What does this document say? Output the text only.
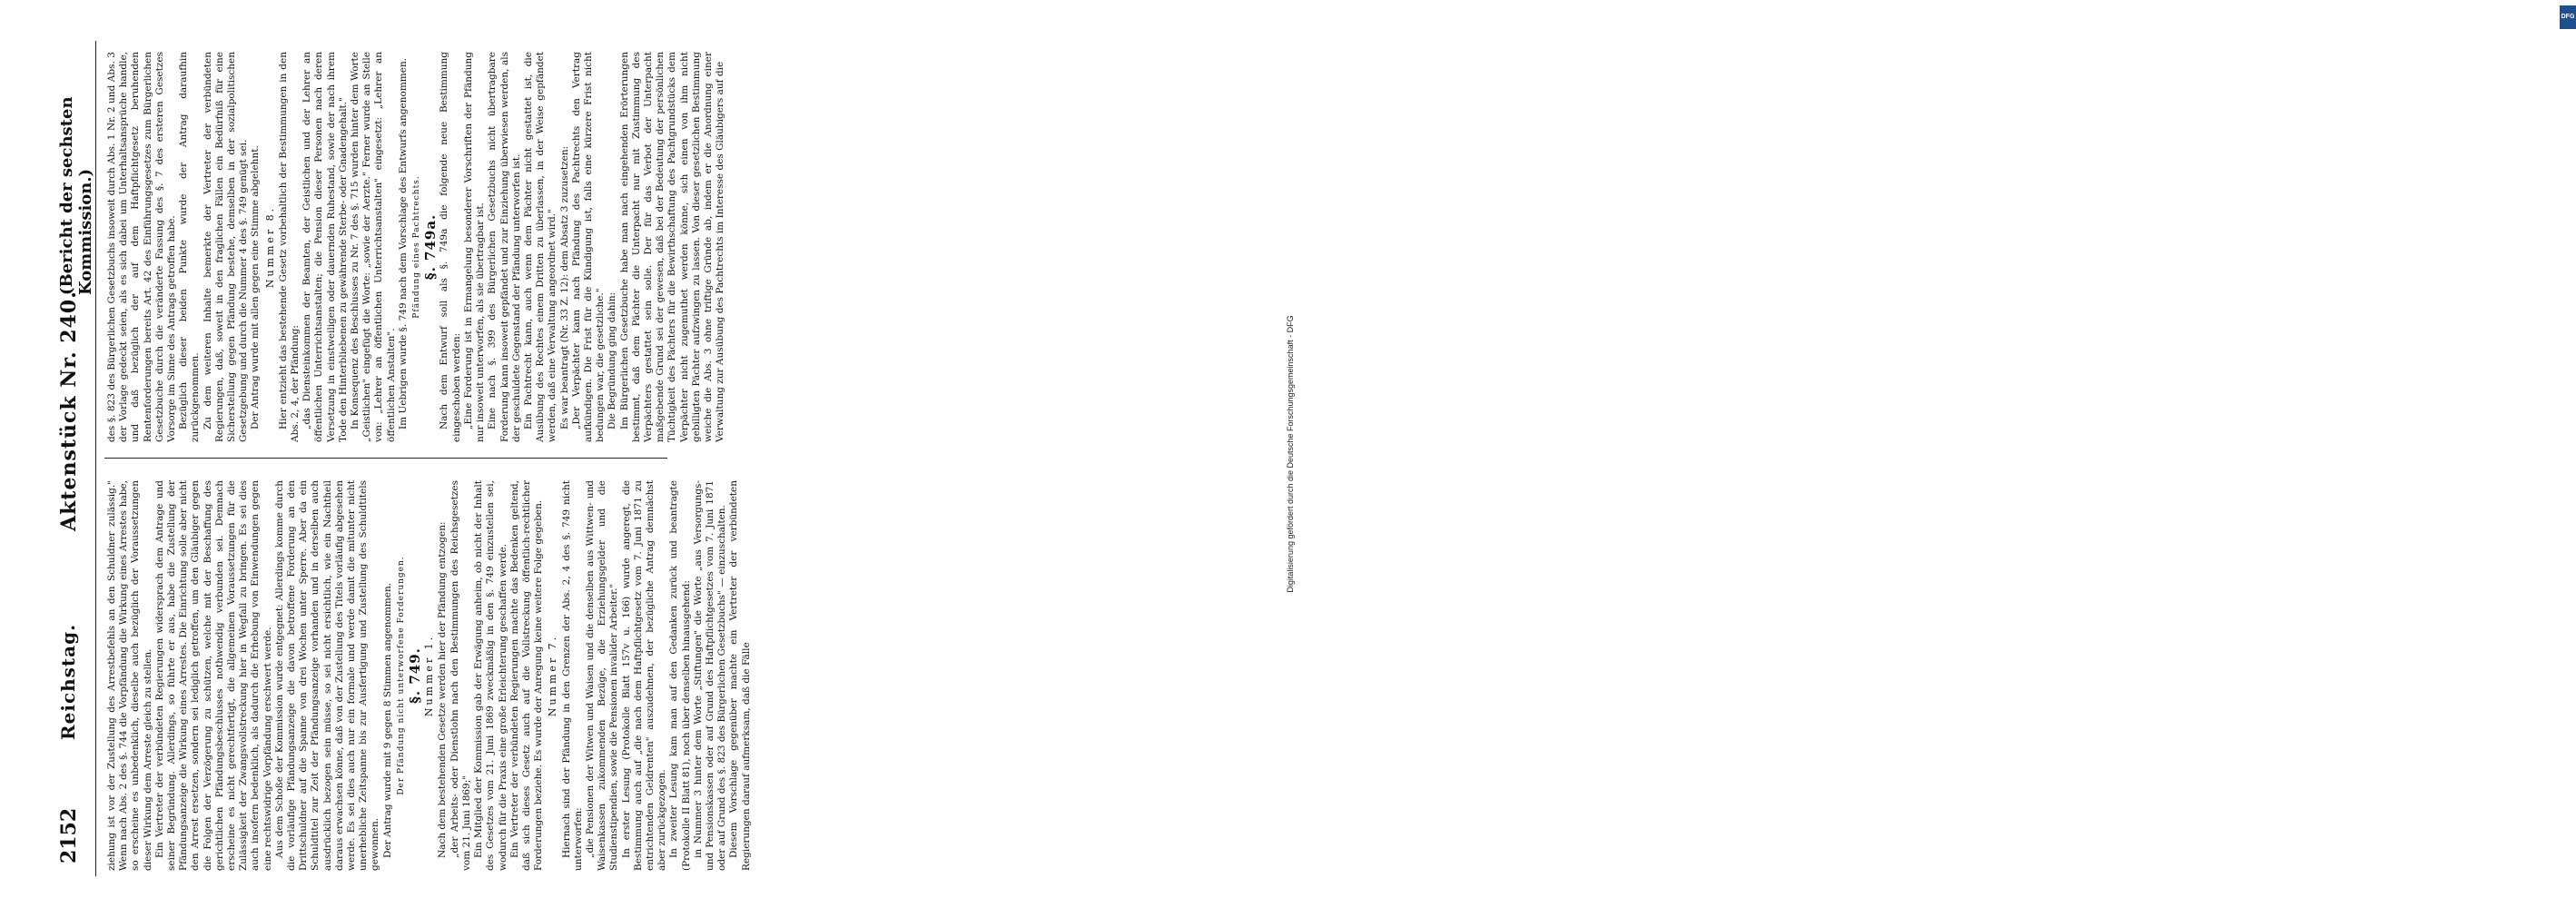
2152
Reichstag.
Aktenstück Nr. 240.
(Bericht der sechsten Kommission.)

ziehung ist vor der Zustellung des Arrestbefehls an den Schuldner zulässig." Wenn nach Abs. 2 des §. 744 die Vorpfändung die Wirkung eines Arrestes habe, so erscheine es unbedenklich, dieselbe auch bezüglich der Voraussetzungen dieser Wirkung dem Arreste gleich zu stellen. Ein Vertreter der verbündeten Regierungen widersprach dem Antrage und seiner Begründung. Allerdings, so führte er aus, habe die Zustellung der Pfändungsanzeige die Wirkung eines Arrestes. Die Einrichtung solle aber nicht den Arrest ersetzen, sondern sei lediglich getroffen, um den Gläubiger gegen die Folgen der Verzögerung zu schützen, welche mit der Beschaffung des gerichtlichen Pfändungsbeschlusses nothwendig verbunden sei. Demnach erscheine es nicht gerechtfertigt, die allgemeinen Voraussetzungen für die Zulässigkeit der Zwangsvollstreckung hier in Wegfall zu bringen. Es sei dies auch insofern bedenklich, als dadurch die Erhebung von Einwendungen gegen eine rechtswidrige Vorpfändung erschwert werde. Aus dem Schoße der Kommission wurde entgegnet: Allerdings komme durch die vorläufige Pfändungsanzeige die davon betroffene Forderung an den Drittschuldner auf die Spanne von drei Wochen unter Sperre. Aber da ein Schuldtitel zur Zeit der Pfändungsanzeige vorhanden und in derselben auch ausdrücklich bezogen sein müsse, so sei nicht ersichtlich, wie ein Nachtheil daraus erwachsen könne, daß von der Zustellung des Titels vorläufig abgesehen werde. Es sei dies auch nur ein formale und werde damit die mitunter nicht unerhebliche Zeitspanne bis zur Ausfertigung und Zustellung des Schuldtitels gewonnen. Der Antrag wurde mit 9 gegen 8 Stimmen angenommen. Der Pfändung nicht unterworfene Forderungen. §. 749. Nummer 1. Nach dem bestehenden Gesetze werden hier der Pfändung entzogen: „der Arbeits- oder Dienstlohn nach den Bestimmungen des Reichsgesetzes vom 21. Juni 1869;" Ein Mitglied der Kommission gab der Erwägung anheim, ob nicht der Inhalt des Gesetzes vom 21. Juni 1869 zweckmäßig in den §. 749 einzustellen sei, wodurch für die Praxis eine große Erleichterung geschaffen werde. Ein Vertreter der verbündeten Regierungen machte das Bedenken geltend, daß sich dieses Gesetz auch auf die Vollstreckung öffentlich-rechtlicher Forderungen beziehe. Es wurde der Anregung keine weitere Folge gegeben. Nummer 7. Hiernach sind der Pfändung in den Grenzen der Abs. 2, 4 des §. 749 nicht unterworfen: „die Pensionen der Witwen und Waisen und die denselben aus Wittwen- und Waisenkassen zukommenden Bezüge, die Erziehungsgelder und die Studienstipendien, sowie die Pensionen invalider Arbeiter." In erster Lesung (Protokolle Blatt 157v u. 166) wurde angeregt, die Bestimmung auch auf „die nach dem Haftpflichtgesetz vom 7. Juni 1871 zu entrichtenden Geldrenten" auszudehnen, der bezügliche Antrag demnächst aber zurückgezogen. In zweiter Lesung kam man auf den Gedanken zurück und beantragte (Protokolle II Blatt 81), noch über denselben hinausgehend: in Nummer 3 hinter dem Worte „Stiftungen" die Worte „aus Versorgungs- und Pensionskassen oder auf Grund des Haftpflichtgesetzes vom 7. Juni 1871 oder auf Grund des §. 823 des Bürgerlichen Gesetzbuchs" — einzuschalten. Diesem Vorschlage gegenüber machte ein Vertreter der verbündeten Regierungen darauf aufmerksam, daß die Fälle

des §. 823 des Bürgerlichen Gesetzbuchs insoweit durch Abs. 1 Nr. 2 und Abs. 3 der Vorlage gedeckt seien, als es sich dabei um Unterhaltsansprüche handle, und daß bezüglich der auf dem Haftpflichtgesetz beruhenden Rentenforderungen bereits Art. 42 des Einführungsgesetzes zum Bürgerlichen Gesetzbuche durch die veränderte Fassung des §. 7 des ersteren Gesetzes Vorsorge im Sinne des Antrags getroffen habe. Bezüglich dieser beiden Punkte wurde der Antrag daraufhin zurückgenommen. Zu dem weiteren Inhalte bemerkte der Vertreter der verbündeten Regierungen, daß, soweit in den fraglichen Fällen ein Bedürfniß für eine Sicherstellung gegen Pfändung bestehe, demselben in der sozialpolitischen Gesetzgebung und durch die Nummer 4 des §. 749 genügt sei. Der Antrag wurde mit allen gegen eine Stimme abgelehnt. Nummer 8. Hier entzieht das bestehende Gesetz vorbehaltlich der Bestimmungen in den Abs. 2, 4, der Pfändung: „das Diensteinkommen der Beamten, der Geistlichen und der Lehrer an öffentlichen Unterrichtsanstalten; die Pension dieser Personen nach deren Versetzung in einstweiligen oder dauernden Ruhestand, sowie der nach ihrem Tode den Hinterbliebenen zu gewährende Sterbe- oder Gnadengehalt." In Konsequenz des Beschlusses zu Nr. 7 des §. 715 wurden hinter dem Worte „Geistlichen" eingefügt die Worte: „sowie der Aerzte." Ferner wurde an Stelle von: „Lehrer an öffentlichen Unterrichtsanstalten" eingesetzt: „Lehrer an öffentlichen Anstalten". Im Uebrigen wurde §. 749 nach dem Vorschlage des Entwurfs angenommen. Pfändung eines Pachtrechts. §. 749a. Nach dem Entwurf soll als §. 749a die folgende neue Bestimmung eingeschoben werden: „Eine Forderung ist in Ermangelung besonderer Vorschriften der Pfändung nur insoweit unterworfen, als sie übertragbar ist. Eine nach §. 399 des Bürgerlichen Gesetzbuchs nicht übertragbare Forderung kann insoweit gepfändet und zur Einziehung überwiesen werden, als der geschuldete Gegenstand der Pfändung unterworfen ist. Ein Pachtrecht kann, auch wenn dem Pächter nicht gestattet ist, die Ausübung des Rechtes einem Dritten zu überlassen, in der Weise gepfändet werden, daß eine Verwaltung angeordnet wird." Es war beantragt (Nr. 33 Z. 12): dem Absatz 3 zuzusetzen: „Der Verpächter kann nach Pfändung des Pachtrechts den Vertrag aufkündigen. Die Frist für die Kündigung ist, falls eine kürzere Frist nicht bedungen war, die gesetzliche." Die Begründung ging dahin: Im Bürgerlichen Gesetzbuche habe man nach eingehenden Erörterungen bestimmt, daß dem Pächter die Unterpacht nur mit Zustimmung des Verpächters gestattet sein solle. Der für das Verbot der Unterpacht maßgebende Grund sei der gewesen, daß bei der Bedeutung der persönlichen Tüchtigkeit des Pächters für die Bewirthschaftung des Pachtgrundstücks dem Verpächter nicht zugemuthet werden könne, sich einen von ihm nicht gebilligten Pächter aufzwingen zu lassen. Von dieser gesetzlichen Bestimmung weiche die Abs. 3 ohne triftige Gründe ab, indem er die Anordnung einer Verwaltung zur Ausübung des Pachtrechts im Interesse des Gläubigers auf die

DFG
Digitalisierung gefördert durch die Deutsche Forschungsgemeinschaft - DFG
